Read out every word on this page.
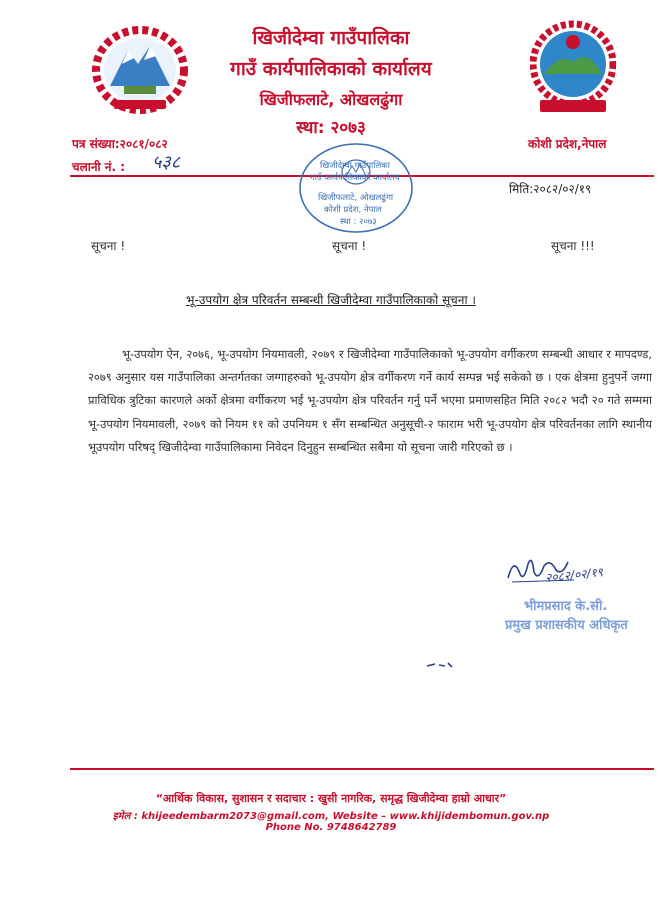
खिजीदेम्वा गाउँपालिका
गाउँ कार्यपालिकाको कार्यालय
खिजीफलाटे, ओखलढुंगा
स्था: २०७३
पत्र संख्या:२०८१/०८२
चलानी नं. : ५३८
कोशी प्रदेश,नेपाल
मिति:२०८२/०२/१९
खिजीदेम्वा गाउँपालिका
गाउँ कार्यपालिकाको कार्यालय
खिजीफलाटे, ओखलढुंगा
कोशी प्रदेश, नेपाल
स्था : २०७३
सूचना !	सूचना !	सूचना !!!
भू-उपयोग क्षेत्र परिवर्तन सम्बन्धी खिजीदेम्वा गाउँपालिकाको सूचना ।

भू-उपयोग ऐन, २०७६, भू-उपयोग नियमावली, २०७९ र खिजीदेम्वा गाउँपालिकाको भू-उपयोग वर्गीकरण सम्बन्धी आधार र मापदण्ड, २०७९ अनुसार यस गाउँपालिका अन्तर्गतका जग्गाहरुको भू-उपयोग क्षेत्र वर्गीकरण गर्ने कार्य सम्पन्न भई सकेको छ । एक क्षेत्रमा हुनुपर्ने जग्गा प्राविधिक त्रुटिका कारणले अर्को क्षेत्रमा वर्गीकरण भई भू-उपयोग क्षेत्र परिवर्तन गर्नु पर्ने भएमा प्रमाणसहित मिति २०८२ भदौ २० गते सम्ममा भू-उपयोग नियमावली, २०७९ को नियम ११ को उपनियम १ सँग सम्बन्धित अनुसूची-२ फाराम भरी भू-उपयोग क्षेत्र परिवर्तनका लागि स्थानीय भूउपयोग परिषद् खिजीदेम्वा गाउँपालिकामा निवेदन दिनुहुन सम्बन्धित सबैमा यो सूचना जारी गरिएको छ ।

२०८२/०२/१९
भीमप्रसाद के.सी.
प्रमुख प्रशासकीय अधिकृत
“आर्थिक विकास, सुशासन र सदाचार : खुसी नागरिक, समृद्ध खिजीदेम्वा हाम्रो आधार”
इमेल : khijeedembarm2073@gmail.com, Website – www.khijidembomun.gov.np
Phone No. 9748642789
